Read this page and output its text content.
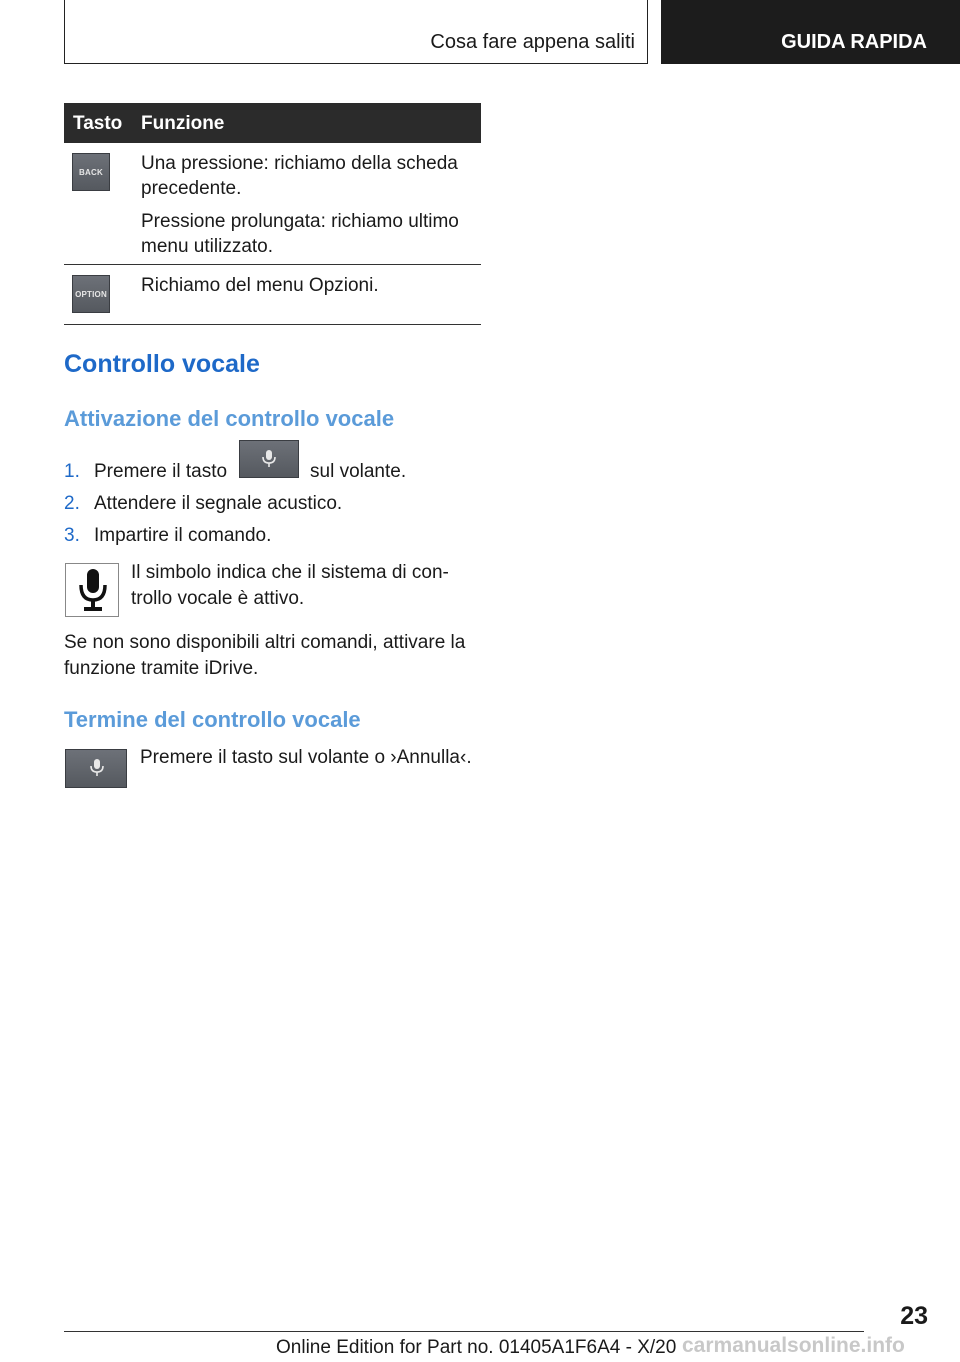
Cosa fare appena saliti	GUIDA RAPIDA
Tasto Funzione
BACK	Una pressione: richiamo della scheda precedente.
Pressione prolungata: richiamo ultimo menu utilizzato.
OPTION Richiamo del menu Opzioni.
Controllo vocale
Attivazione del controllo vocale
1. Premere il tasto	sul volante.
2. Attendere il segnale acustico.
3. Impartire il comando.
Il simbolo indica che il sistema di con- trollo vocale è attivo.
Se non sono disponibili altri comandi, attivare la funzione tramite iDrive.
Termine del controllo vocale
Premere il tasto sul volante o ›Annulla‹.
23
Online Edition for Part no. 01405A1F6A4 - X/20 carmanualsonline.info
